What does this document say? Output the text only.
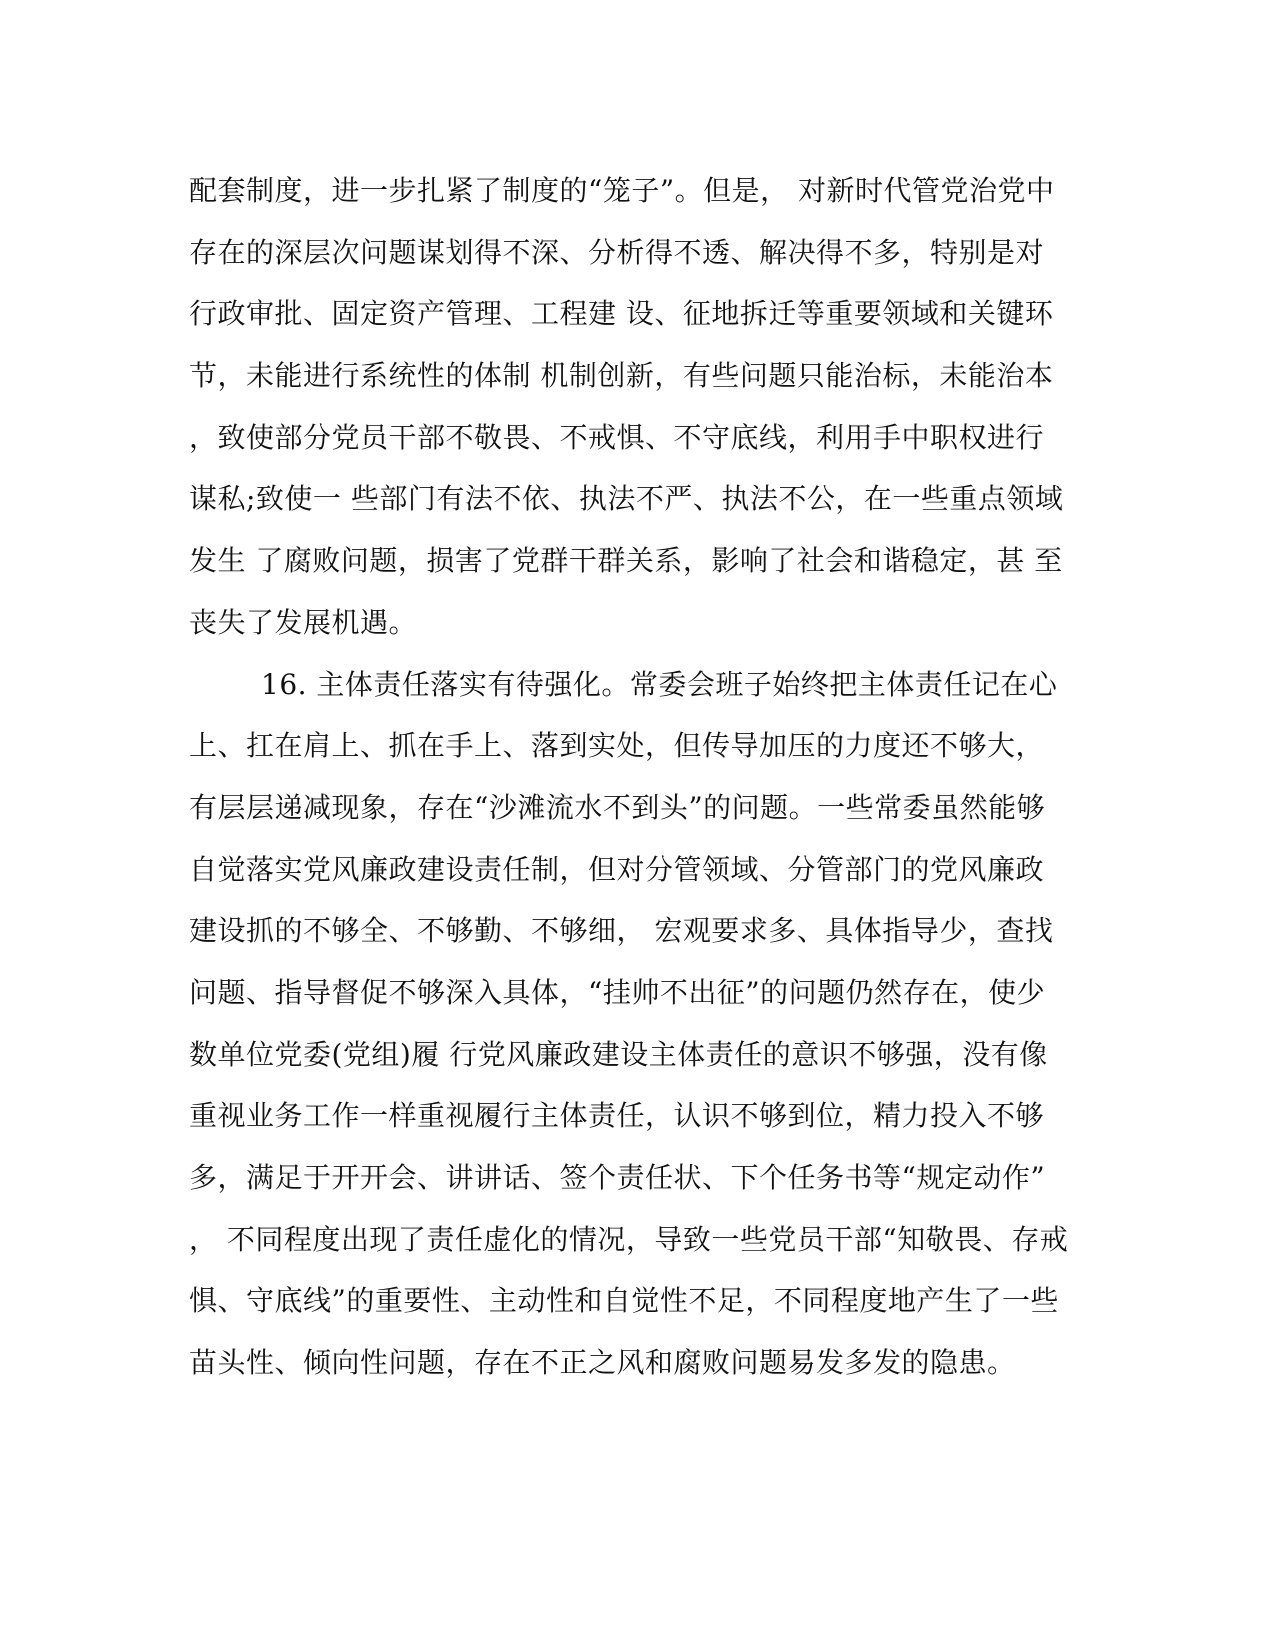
配套制度，进一步扎紧了制度的“笼子”。但是， 对新时代管党治党中
存在的深层次问题谋划得不深、分析得不透、解决得不多，特别是对
行政审批、固定资产管理、工程建 设、征地拆迁等重要领域和关键环
节，未能进行系统性的体制 机制创新，有些问题只能治标，未能治本
，致使部分党员干部不敬畏、不戒惧、不守底线，利用手中职权进行
谋私;致使一 些部门有法不依、执法不严、执法不公，在一些重点领域
发生 了腐败问题，损害了党群干群关系，影响了社会和谐稳定，甚 至
丧失了发展机遇。
16. 主体责任落实有待强化。常委会班子始终把主体责任记在心
上、扛在肩上、抓在手上、落到实处，但传导加压的力度还不够大，
有层层递减现象，存在“沙滩流水不到头”的问题。一些常委虽然能够
自觉落实党风廉政建设责任制，但对分管领域、分管部门的党风廉政
建设抓的不够全、不够勤、不够细， 宏观要求多、具体指导少，查找
问题、指导督促不够深入具体，“挂帅不出征”的问题仍然存在，使少
数单位党委(党组)履 行党风廉政建设主体责任的意识不够强，没有像
重视业务工作一样重视履行主体责任，认识不够到位，精力投入不够
多，满足于开开会、讲讲话、签个责任状、下个任务书等“规定动作”
， 不同程度出现了责任虚化的情况，导致一些党员干部“知敬畏、存戒
惧、守底线”的重要性、主动性和自觉性不足，不同程度地产生了一些
苗头性、倾向性问题，存在不正之风和腐败问题易发多发的隐患。
